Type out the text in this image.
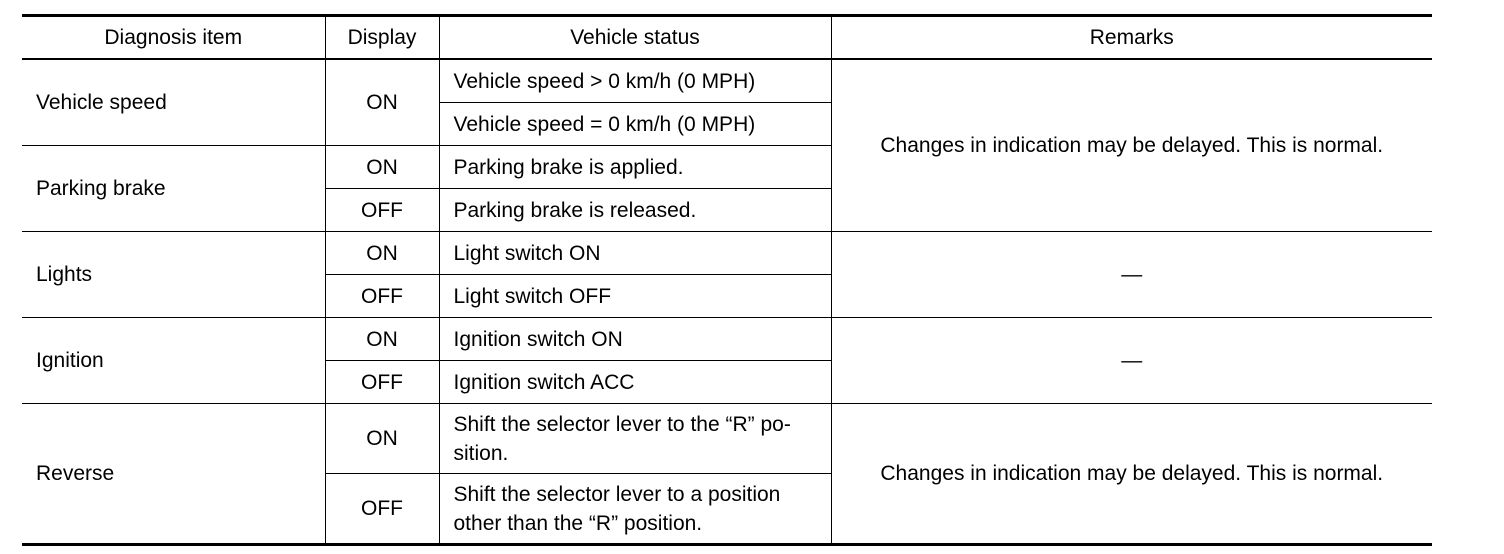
Diagnosis item	Display	Vehicle status	Remarks
Vehicle speed	ON	Vehicle speed > 0 km/h (0 MPH)	Changes in indication may be delayed. This is normal.
		Vehicle speed = 0 km/h (0 MPH)	
Parking brake	ON	Parking brake is applied.	
	OFF	Parking brake is released.	
Lights	ON	Light switch ON	—
	OFF	Light switch OFF	
Ignition	ON	Ignition switch ON	—
	OFF	Ignition switch ACC	
Reverse	ON	Shift the selector lever to the “R” po-sition.	Changes in indication may be delayed. This is normal.
	OFF	Shift the selector lever to a position other than the “R” position.	
